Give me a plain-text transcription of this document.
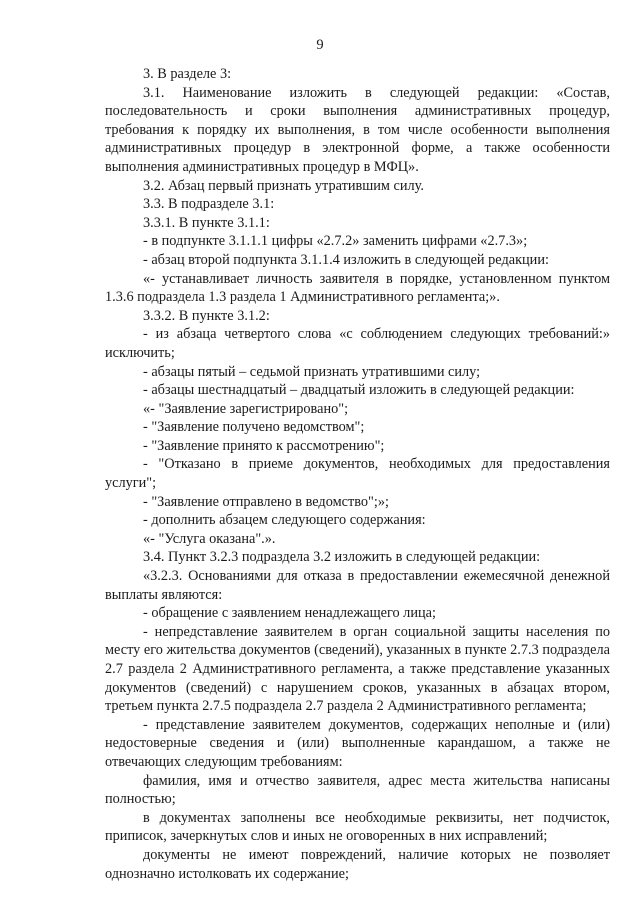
9

3. В разделе 3:

3.1. Наименование изложить в следующей редакции: «Состав, последовательность и сроки выполнения административных процедур, требования к порядку их выполнения, в том числе особенности выполнения административных процедур в электронной форме, а также особенности выполнения административных процедур в МФЦ».

3.2. Абзац первый признать утратившим силу.

3.3. В подразделе 3.1:

3.3.1. В пункте 3.1.1:

- в подпункте 3.1.1.1 цифры «2.7.2» заменить цифрами «2.7.3»;

- абзац второй подпункта 3.1.1.4 изложить в следующей редакции:

«- устанавливает личность заявителя в порядке, установленном пунктом 1.3.6 подраздела 1.3 раздела 1 Административного регламента;».

3.3.2. В пункте 3.1.2:

- из абзаца четвертого слова «с соблюдением следующих требований:» исключить;

- абзацы пятый – седьмой признать утратившими силу;

- абзацы шестнадцатый – двадцатый изложить в следующей редакции:

«- "Заявление зарегистрировано";

- "Заявление получено ведомством";

- "Заявление принято к рассмотрению";

- "Отказано в приеме документов, необходимых для предоставления услуги";

- "Заявление отправлено в ведомство";»;

- дополнить абзацем следующего содержания:

«- "Услуга оказана".».

3.4. Пункт 3.2.3 подраздела 3.2 изложить в следующей редакции:

«3.2.3. Основаниями для отказа в предоставлении ежемесячной денежной выплаты являются:

- обращение с заявлением ненадлежащего лица;

- непредставление заявителем в орган социальной защиты населения по месту его жительства документов (сведений), указанных в пункте 2.7.3 подраздела 2.7 раздела 2 Административного регламента, а также представление указанных документов (сведений) с нарушением сроков, указанных в абзацах втором, третьем пункта 2.7.5 подраздела 2.7 раздела 2 Административного регламента;

- представление заявителем документов, содержащих неполные и (или) недостоверные сведения и (или) выполненные карандашом, а также не отвечающих следующим требованиям:

фамилия, имя и отчество заявителя, адрес места жительства написаны полностью;

в документах заполнены все необходимые реквизиты, нет подчисток, приписок, зачеркнутых слов и иных не оговоренных в них исправлений;

документы не имеют повреждений, наличие которых не позволяет однозначно истолковать их содержание;
